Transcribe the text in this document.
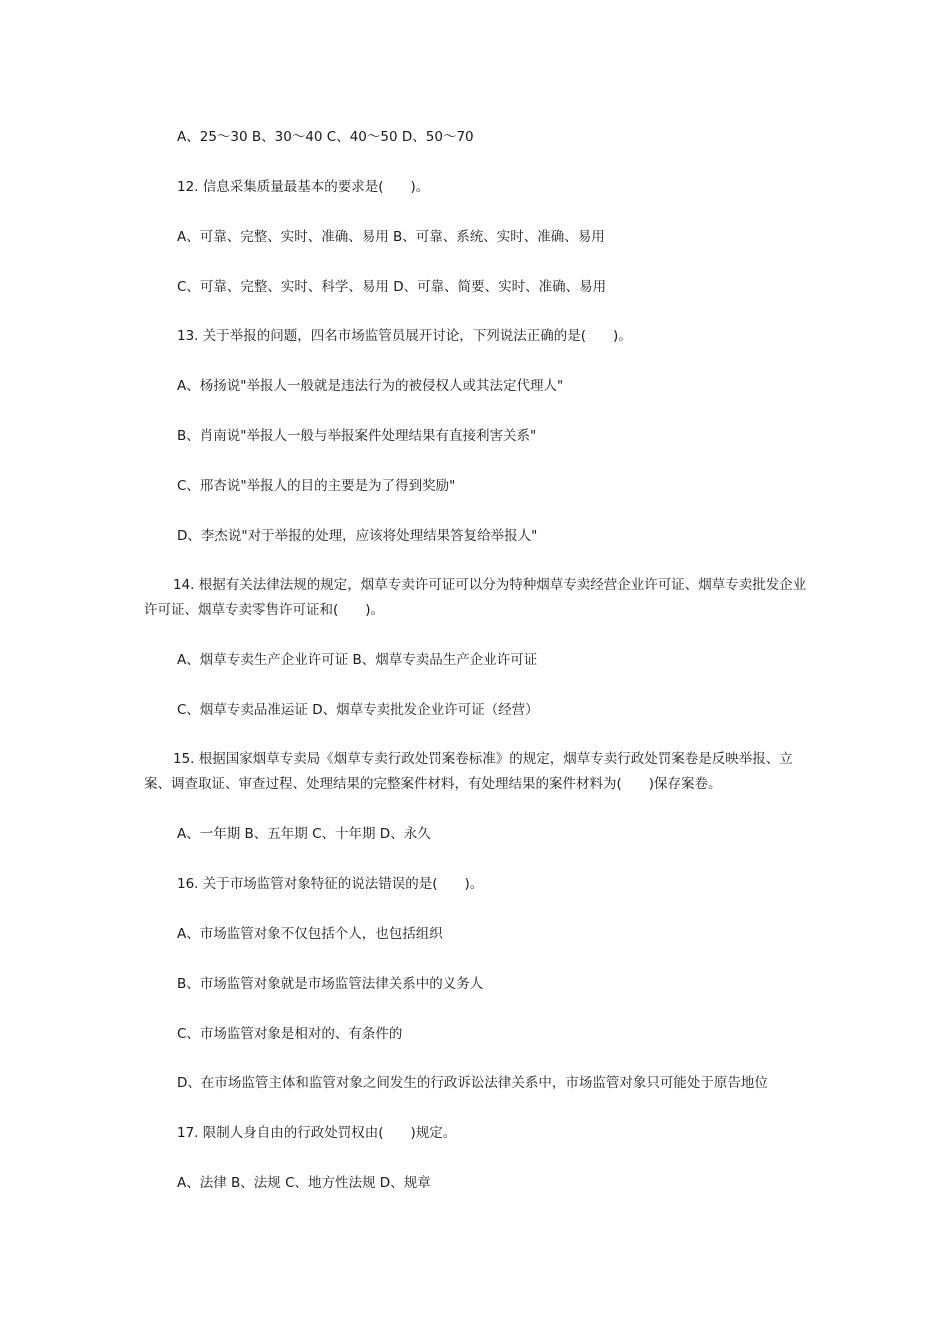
A、25～30 B、30～40 C、40～50 D、50～70
12. 信息采集质量最基本的要求是(　　)。
A、可靠、完整、实时、准确、易用 B、可靠、系统、实时、准确、易用
C、可靠、完整、实时、科学、易用 D、可靠、简要、实时、准确、易用
13. 关于举报的问题，四名市场监管员展开讨论，下列说法正确的是(　　)。
A、杨扬说"举报人一般就是违法行为的被侵权人或其法定代理人"
B、肖南说"举报人一般与举报案件处理结果有直接利害关系"
C、邢杏说"举报人的目的主要是为了得到奖励"
D、李杰说"对于举报的处理，应该将处理结果答复给举报人"
14. 根据有关法律法规的规定，烟草专卖许可证可以分为特种烟草专卖经营企业许可证、烟草专卖批发企业许可证、烟草专卖零售许可证和(　　)。
A、烟草专卖生产企业许可证 B、烟草专卖品生产企业许可证
C、烟草专卖品准运证 D、烟草专卖批发企业许可证（经营）
15. 根据国家烟草专卖局《烟草专卖行政处罚案卷标准》的规定，烟草专卖行政处罚案卷是反映举报、立案、调查取证、审查过程、处理结果的完整案件材料，有处理结果的案件材料为(　　)保存案卷。
A、一年期 B、五年期 C、十年期 D、永久
16. 关于市场监管对象特征的说法错误的是(　　)。
A、市场监管对象不仅包括个人，也包括组织
B、市场监管对象就是市场监管法律关系中的义务人
C、市场监管对象是相对的、有条件的
D、在市场监管主体和监管对象之间发生的行政诉讼法律关系中，市场监管对象只可能处于原告地位
17. 限制人身自由的行政处罚权由(　　)规定。
A、法律 B、法规 C、地方性法规 D、规章
